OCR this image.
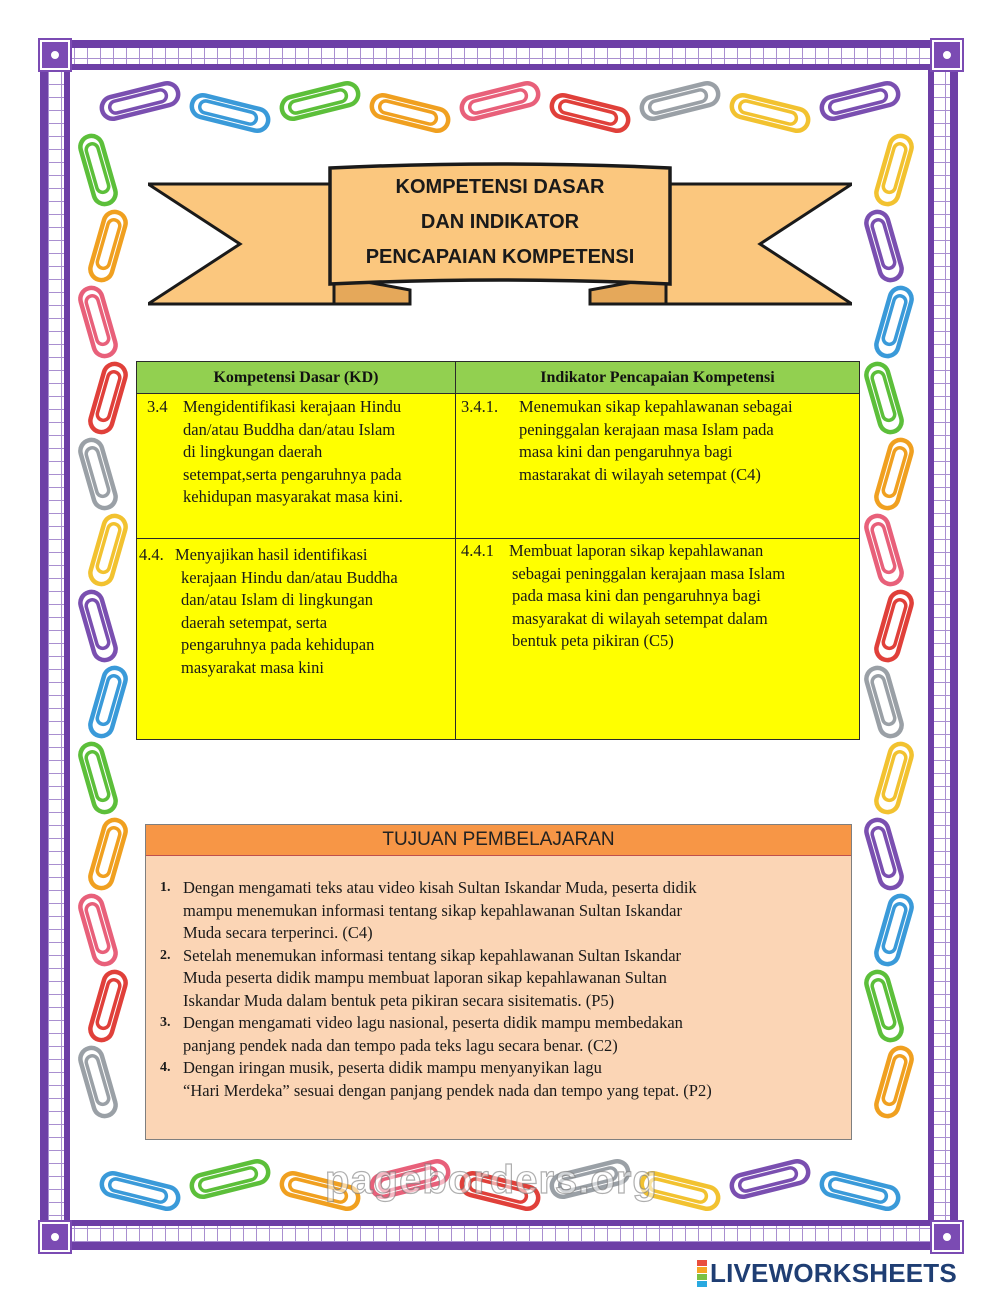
KOMPETENSI DASAR
DAN INDIKATOR
PENCAPAIAN KOMPETENSI
Kompetensi Dasar (KD)	Indikator Pencapaian Kompetensi
3.4 Mengidentifikasi kerajaan Hindu
dan/atau Buddha dan/atau Islam
di lingkungan daerah
setempat,serta pengaruhnya pada
kehidupan masyarakat masa kini.
3.4.1. Menemukan sikap kepahlawanan sebagai
peninggalan kerajaan masa Islam pada
masa kini dan pengaruhnya bagi
mastarakat di wilayah setempat (C4)
4.4. Menyajikan hasil identifikasi
kerajaan Hindu dan/atau Buddha
dan/atau Islam di lingkungan
daerah setempat, serta
pengaruhnya pada kehidupan
masyarakat masa kini
4.4.1 Membuat laporan sikap kepahlawanan
sebagai peninggalan kerajaan masa Islam
pada masa kini dan pengaruhnya bagi
masyarakat di wilayah setempat dalam
bentuk peta pikiran (C5)
TUJUAN PEMBELAJARAN
1. Dengan mengamati teks atau video kisah Sultan Iskandar Muda, peserta didik
mampu menemukan informasi tentang sikap kepahlawanan Sultan Iskandar
Muda secara terperinci. (C4)
2. Setelah menemukan informasi tentang sikap kepahlawanan Sultan Iskandar
Muda peserta didik mampu membuat laporan sikap kepahlawanan Sultan
Iskandar Muda dalam bentuk peta pikiran secara sisitematis. (P5)
3. Dengan mengamati video lagu nasional, peserta didik mampu membedakan
panjang pendek nada dan tempo pada teks lagu secara benar. (C2)
4. Dengan iringan musik, peserta didik mampu menyanyikan lagu
“Hari Merdeka” sesuai dengan panjang pendek nada dan tempo yang tepat. (P2)
pageborders.org
LIVEWORKSHEETS
